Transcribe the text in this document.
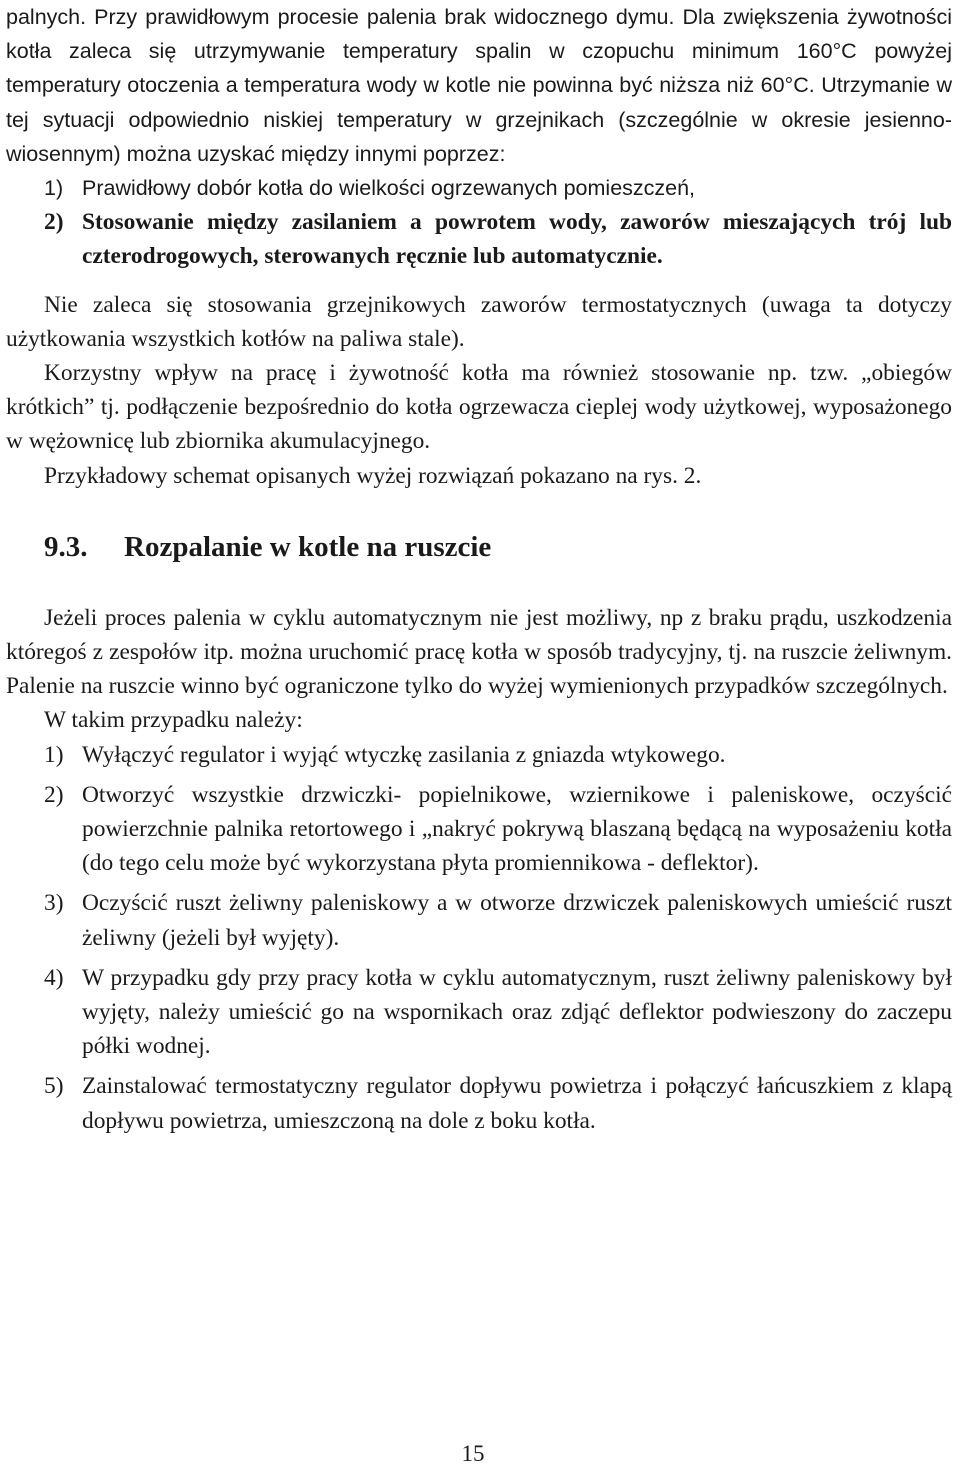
palnych. Przy prawidłowym procesie palenia brak widocznego dymu. Dla zwiększenia żywotności kotła zaleca się utrzymywanie temperatury spalin w czopuchu minimum 160°C powyżej temperatury otoczenia a temperatura wody w kotle nie powinna być niższa niż 60°C. Utrzymanie w tej sytuacji odpowiednio niskiej temperatury w grzejnikach (szczególnie w okresie jesienno-wiosennym) można uzyskać między innymi poprzez:

1) Prawidłowy dobór kotła do wielkości ogrzewanych pomieszczeń,
2) Stosowanie między zasilaniem a powrotem wody, zaworów mieszających trój lub czterodrogowych, sterowanych ręcznie lub automatycznie.

Nie zaleca się stosowania grzejnikowych zaworów termostatycznych (uwaga ta dotyczy użytkowania wszystkich kotłów na paliwa stale).

Korzystny wpływ na pracę i żywotność kotła ma również stosowanie np. tzw. „obiegów krótkich” tj. podłączenie bezpośrednio do kotła ogrzewacza cieplej wody użytkowej, wyposażonego w wężownicę lub zbiornika akumulacyjnego.

Przykładowy schemat opisanych wyżej rozwiązań pokazano na rys. 2.

9.3. Rozpalanie w kotle na ruszcie

Jeżeli proces palenia w cyklu automatycznym nie jest możliwy, np z braku prądu, uszkodzenia któregoś z zespołów itp. można uruchomić pracę kotła w sposób tradycyjny, tj. na ruszcie żeliwnym. Palenie na ruszcie winno być ograniczone tylko do wyżej wymienionych przypadków szczególnych.

W takim przypadku należy:

1) Wyłączyć regulator i wyjąć wtyczkę zasilania z gniazda wtykowego.
2) Otworzyć wszystkie drzwiczki- popielnikowe, wziernikowe i paleniskowe, oczyścić powierzchnie palnika retortowego i „nakryć pokrywą blaszaną będącą na wyposażeniu kotła (do tego celu może być wykorzystana płyta promiennikowa - deflektor).
3) Oczyścić ruszt żeliwny paleniskowy a w otworze drzwiczek paleniskowych umieścić ruszt żeliwny (jeżeli był wyjęty).
4) W przypadku gdy przy pracy kotła w cyklu automatycznym, ruszt żeliwny paleniskowy był wyjęty, należy umieścić go na wspornikach oraz zdjąć deflektor podwieszony do zaczepu półki wodnej.
5) Zainstalować termostatyczny regulator dopływu powietrza i połączyć łańcuszkiem z klapą dopływu powietrza, umieszczoną na dole z boku kotła.
15
